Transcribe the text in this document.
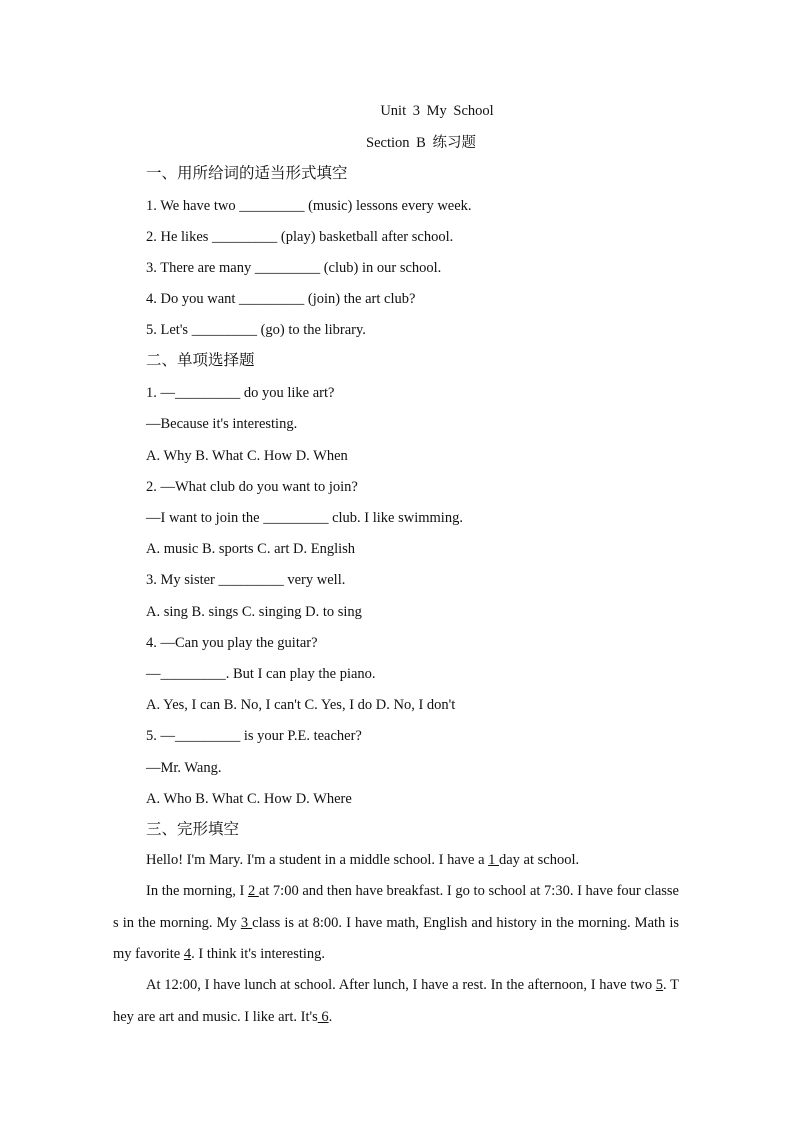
Unit 3 My School
Section B 练习题
一、用所给词的适当形式填空
1. We have two _________ (music) lessons every week.
2. He likes _________ (play) basketball after school.
3. There are many _________ (club) in our school.
4. Do you want _________ (join) the art club?
5. Let's _________ (go) to the library.
二、单项选择题
1. —_________ do you like art?
—Because it's interesting.
A. Why B. What C. How D. When
2. —What club do you want to join?
—I want to join the _________ club. I like swimming.
A. music B. sports C. art D. English
3. My sister _________ very well.
A. sing B. sings C. singing D. to sing
4. —Can you play the guitar?
—_________. But I can play the piano.
A. Yes, I can B. No, I can't C. Yes, I do D. No, I don't
5. —_________ is your P.E. teacher?
—Mr. Wang.
A. Who B. What C. How D. Where
三、完形填空
Hello! I'm Mary. I'm a student in a middle school. I have a 1 day at school.
In the morning, I 2 at 7:00 and then have breakfast. I go to school at 7:30. I have four classes in the morning. My 3 class is at 8:00. I have math, English and history in the morning. Math is my favorite 4. I think it's interesting.
At 12:00, I have lunch at school. After lunch, I have a rest. In the afternoon, I have two 5. They are art and music. I like art. It's 6.
